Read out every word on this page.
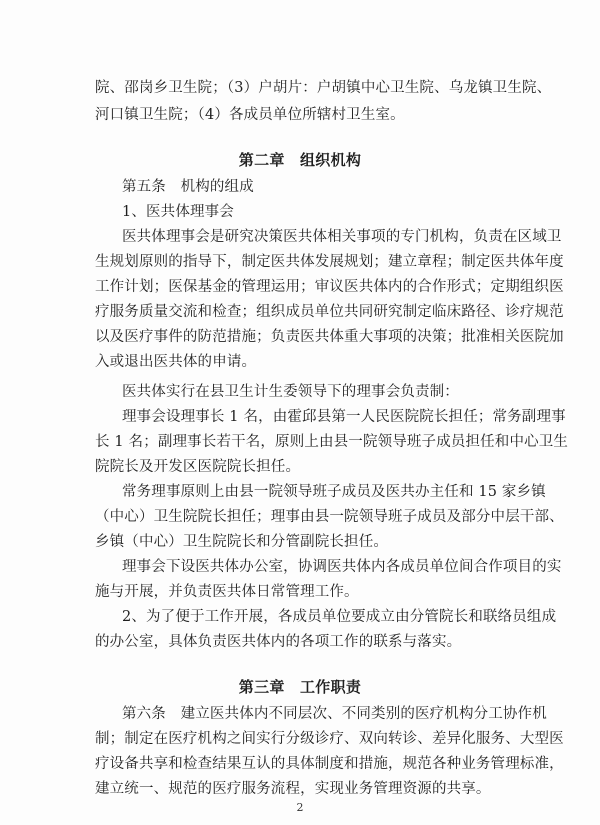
院、邵岗乡卫生院；（3）户胡片：户胡镇中心卫生院、乌龙镇卫生院、
河口镇卫生院；（4）各成员单位所辖村卫生室。
第二章　组织机构
第五条　机构的组成
1、医共体理事会
医共体理事会是研究决策医共体相关事项的专门机构，负责在区域卫
生规划原则的指导下，制定医共体发展规划；建立章程；制定医共体年度
工作计划；医保基金的管理运用；审议医共体内的合作形式；定期组织医
疗服务质量交流和检查；组织成员单位共同研究制定临床路径、诊疗规范
以及医疗事件的防范措施；负责医共体重大事项的决策；批准相关医院加
入或退出医共体的申请。
医共体实行在县卫生计生委领导下的理事会负责制：
理事会设理事长 1 名，由霍邱县第一人民医院院长担任；常务副理事
长 1 名；副理事长若干名，原则上由县一院领导班子成员担任和中心卫生
院院长及开发区医院院长担任。
常务理事原则上由县一院领导班子成员及医共办主任和 15 家乡镇
（中心）卫生院院长担任；理事由县一院领导班子成员及部分中层干部、
乡镇（中心）卫生院院长和分管副院长担任。
理事会下设医共体办公室，协调医共体内各成员单位间合作项目的实
施与开展，并负责医共体日常管理工作。
2、为了便于工作开展，各成员单位要成立由分管院长和联络员组成
的办公室，具体负责医共体内的各项工作的联系与落实。
第三章　工作职责
第六条　建立医共体内不同层次、不同类别的医疗机构分工协作机
制；制定在医疗机构之间实行分级诊疗、双向转诊、差异化服务、大型医
疗设备共享和检查结果互认的具体制度和措施，规范各种业务管理标准，
建立统一、规范的医疗服务流程，实现业务管理资源的共享。
2
